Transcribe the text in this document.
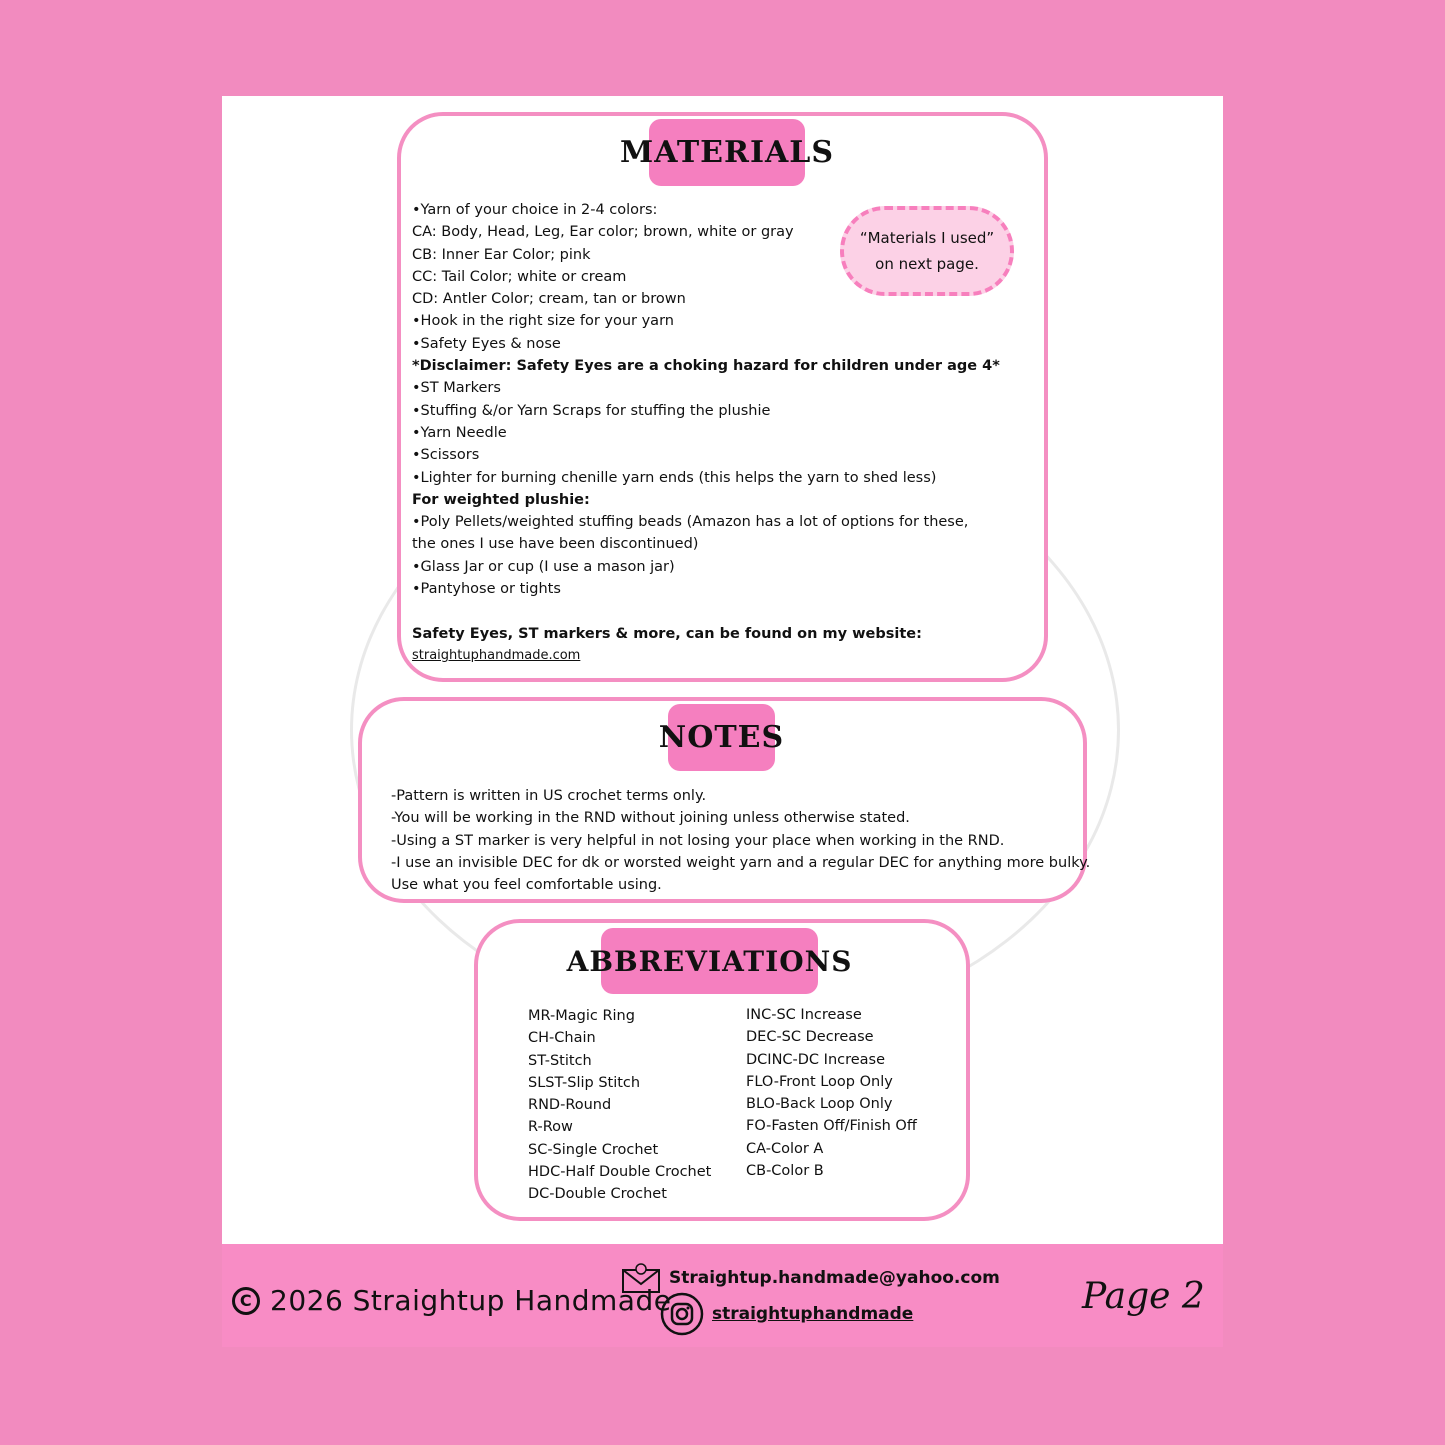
MATERIALS
•Yarn of your choice in 2-4 colors:
CA: Body, Head, Leg, Ear color; brown, white or gray
CB: Inner Ear Color; pink
CC: Tail Color; white or cream
CD: Antler Color; cream, tan or brown
•Hook in the right size for your yarn
•Safety Eyes & nose
*Disclaimer: Safety Eyes are a choking hazard for children under age 4*
•ST Markers
•Stuffing &/or Yarn Scraps for stuffing the plushie
•Yarn Needle
•Scissors
•Lighter for burning chenille yarn ends (this helps the yarn to shed less)
For weighted plushie:
•Poly Pellets/weighted stuffing beads (Amazon has a lot of options for these,
the ones I use have been discontinued)
•Glass Jar or cup (I use a mason jar)
•Pantyhose or tights

Safety Eyes, ST markers & more, can be found on my website:
straightuphandmade.com
“Materials I used”
on next page.
NOTES
-Pattern is written in US crochet terms only.
-You will be working in the RND without joining unless otherwise stated.
-Using a ST marker is very helpful in not losing your place when working in the RND.
-I use an invisible DEC for dk or worsted weight yarn and a regular DEC for anything more bulky.
Use what you feel comfortable using.
ABBREVIATIONS
MR-Magic Ring
CH-Chain
ST-Stitch
SLST-Slip Stitch
RND-Round
R-Row
SC-Single Crochet
HDC-Half Double Crochet
DC-Double Crochet
INC-SC Increase
DEC-SC Decrease
DCINC-DC Increase
FLO-Front Loop Only
BLO-Back Loop Only
FO-Fasten Off/Finish Off
CA-Color A
CB-Color B
C 2026 Straightup Handmade
Straightup.handmade@yahoo.com
straightuphandmade	Page 2
